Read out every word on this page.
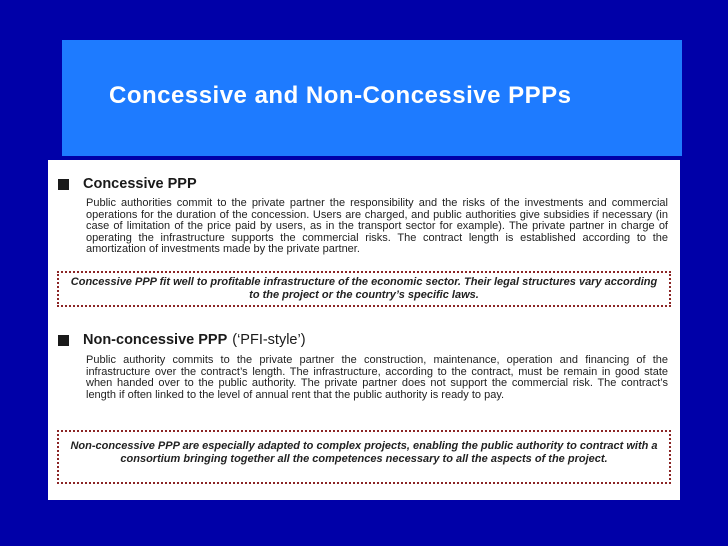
Concessive and Non-Concessive PPPs
Concessive PPP
Public authorities commit to the private partner the responsibility and the risks of the investments and commercial operations for the duration of the concession. Users are charged, and public authorities give subsidies if necessary (in case of limitation of the price paid by users, as in the transport sector for example). The private partner in charge of operating the infrastructure supports the commercial risks. The contract length is established according to the amortization of investments made by the private partner.
Concessive PPP fit well to profitable infrastructure of the economic sector. Their legal structures vary according to the project or the country’s specific laws.
Non-concessive PPP (‘PFI-style’)
Public authority commits to the private partner the construction, maintenance, operation and financing of the infrastructure over the contract’s length. The infrastructure, according to the contract, must be remain in good state when handed over to the public authority. The private partner does not support the commercial risk. The contract’s length if often linked to the level of annual rent that the public authority is ready to pay.
Non-concessive PPP are especially adapted to complex projects, enabling the public authority to contract with a consortium bringing together all the competences necessary to all the aspects of the project.
